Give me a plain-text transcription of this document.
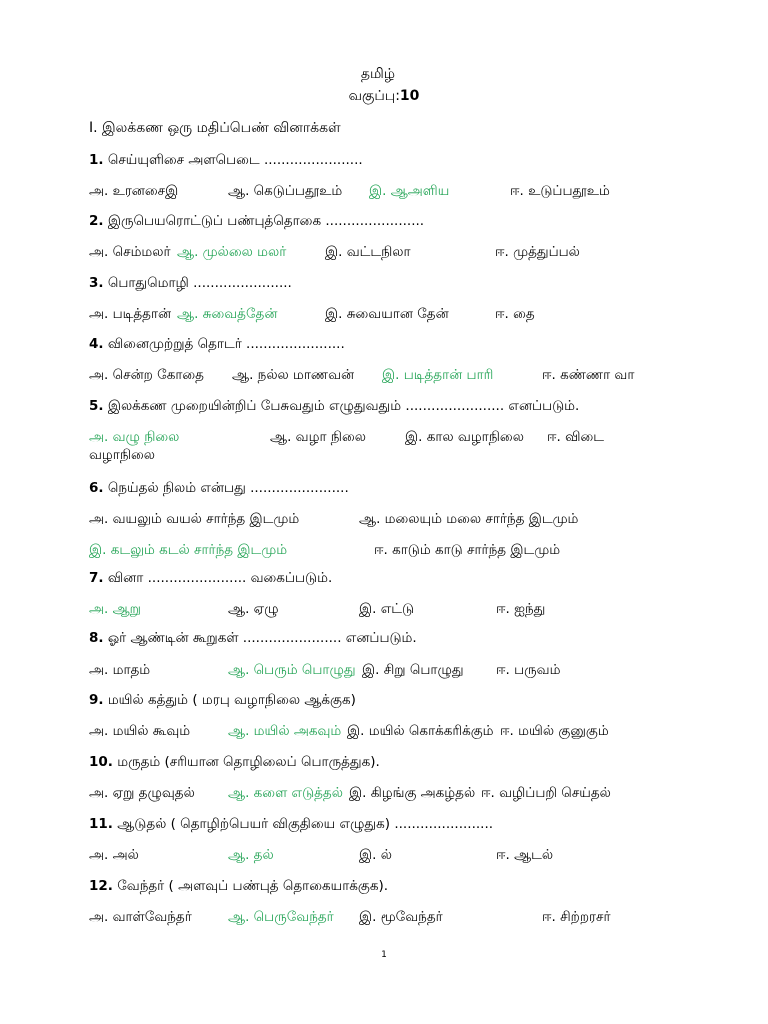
தமிழ்
வகுப்பு:10
I. இலக்கண ஒரு மதிப்பெண் வினாக்கள்
1. செய்யுளிசை அளபெடை .......................
அ. உரனசைஇ	ஆ. கெடுப்பதூஉம் இ. ஆஅளிய	ஈ. உடுப்பதூஉம்
2. இருபெயரொட்டுப் பண்புத்தொகை .......................
அ. செம்மலர் ஆ. முல்லை மலர்	இ. வட்டநிலா	ஈ. முத்துப்பல்
3. பொதுமொழி .......................
அ. படித்தான் ஆ. சுவைத்தேன்	இ. சுவையான தேன்	ஈ. தை
4. வினைமுற்றுத் தொடர் .......................
அ. சென்ற கோதை ஆ. நல்ல மாணவன் இ. படித்தான் பாரி	ஈ. கண்ணா வா
5. இலக்கண முறையின்றிப் பேசுவதும் எழுதுவதும் ....................... எனப்படும்.
அ. வழு நிலை	ஆ. வழா நிலை	இ. கால வழாநிலை ஈ. விடை
வழாநிலை
6. நெய்தல் நிலம் என்பது .......................
அ. வயலும் வயல் சார்ந்த இடமும்	ஆ. மலையும் மலை சார்ந்த இடமும்
இ. கடலும் கடல் சார்ந்த இடமும்	ஈ. காடும் காடு சார்ந்த இடமும்
7. வினா ....................... வகைப்படும்.
அ. ஆறு	ஆ. ஏழு	இ. எட்டு	ஈ. ஐந்து
8. ஓர் ஆண்டின் கூறுகள் ....................... எனப்படும்.
அ. மாதம்	ஆ. பெரும் பொழுது இ. சிறு பொழுது ஈ. பருவம்
9. மயில் கத்தும் ( மரபு வழாநிலை ஆக்குக)
அ. மயில் கூவும்	ஆ. மயில் அகவும் இ. மயில் கொக்கரிக்கும் ஈ. மயில் குனுகும்
10. மருதம் (சரியான தொழிலைப் பொருத்துக).
அ. ஏறு தழுவுதல் ஆ. களை எடுத்தல் இ. கிழங்கு அகழ்தல் ஈ. வழிப்பறி செய்தல்
11. ஆடுதல் ( தொழிற்பெயர் விகுதியை எழுதுக) .......................
அ. அல்	ஆ. தல்	இ. ல்	ஈ. ஆடல்
12. வேந்தர் ( அளவுப் பண்புத் தொகையாக்குக).
அ. வாள்வேந்தர்	ஆ. பெருவேந்தர் இ. மூவேந்தர்	ஈ. சிற்றரசர்
1
